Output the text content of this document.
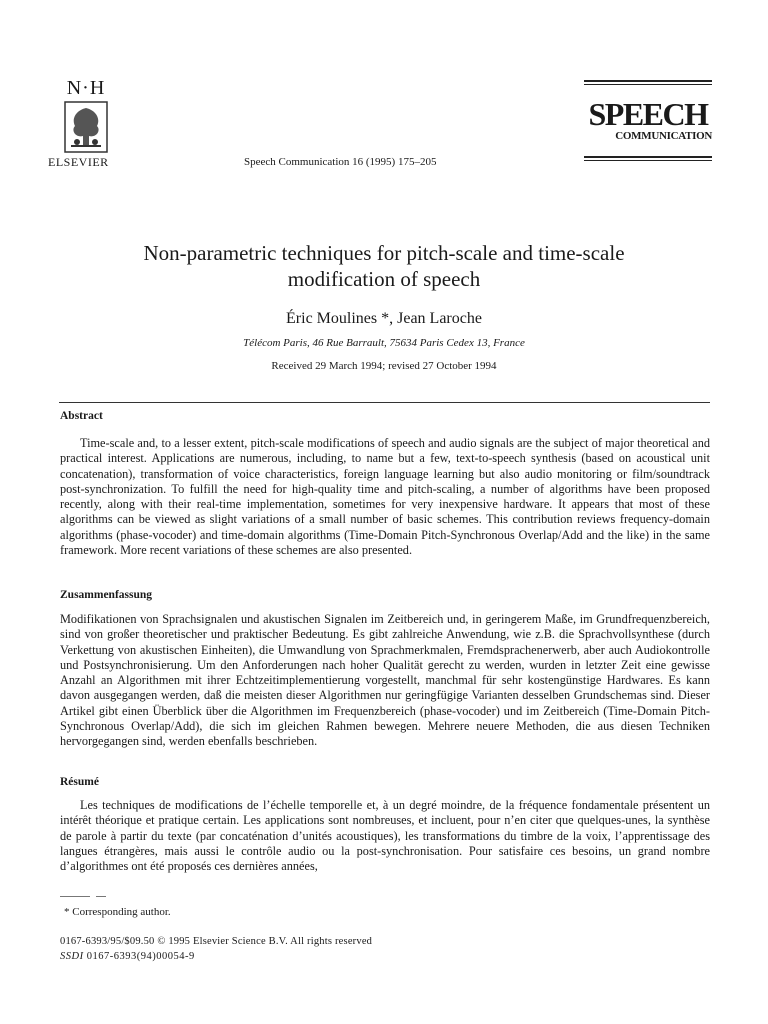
N·H
ELSEVIER	Speech Communication 16 (1995) 175–205
SPEECH
COMMUNICATION
Non-parametric techniques for pitch-scale and time-scale
modification of speech
Éric Moulines *, Jean Laroche
Télécom Paris, 46 Rue Barrault, 75634 Paris Cedex 13, France
Received 29 March 1994; revised 27 October 1994
Abstract
Time-scale and, to a lesser extent, pitch-scale modifications of speech and audio signals are the subject of major theoretical and practical interest. Applications are numerous, including, to name but a few, text-to-speech synthesis (based on acoustical unit concatenation), transformation of voice characteristics, foreign language learning but also audio monitoring or film/soundtrack post-synchronization. To fulfill the need for high-quality time and pitch-scaling, a number of algorithms have been proposed recently, along with their real-time implementation, sometimes for very inexpensive hardware. It appears that most of these algorithms can be viewed as slight variations of a small number of basic schemes. This contribution reviews frequency-domain algorithms (phase-vocoder) and time-domain algorithms (Time-Domain Pitch-Synchronous Overlap/Add and the like) in the same framework. More recent variations of these schemes are also presented.
Zusammenfassung
Modifikationen von Sprachsignalen und akustischen Signalen im Zeitbereich und, in geringerem Maße, im Grundfrequenzbereich, sind von großer theoretischer und praktischer Bedeutung. Es gibt zahlreiche Anwendung, wie z.B. die Sprachvollsynthese (durch Verkettung von akustischen Einheiten), die Umwandlung von Sprachmerkmalen, Fremdsprachenerwerb, aber auch Audiokontrolle und Postsynchronisierung. Um den Anforderungen nach hoher Qualität gerecht zu werden, wurden in letzter Zeit eine gewisse Anzahl an Algorithmen mit ihrer Echtzeitimplementierung vorgestellt, manchmal für sehr kostengünstige Hardwares. Es kann davon ausgegangen werden, daß die meisten dieser Algorithmen nur geringfügige Varianten desselben Grundschemas sind. Dieser Artikel gibt einen Überblick über die Algorithmen im Frequenzbereich (phase-vocoder) und im Zeitbereich (Time-Domain Pitch-Synchronous Overlap/Add), die sich im gleichen Rahmen bewegen. Mehrere neuere Methoden, die aus diesen Techniken hervorgegangen sind, werden ebenfalls beschrieben.
Résumé
Les techniques de modifications de l’échelle temporelle et, à un degré moindre, de la fréquence fondamentale présentent un intérêt théorique et pratique certain. Les applications sont nombreuses, et incluent, pour n’en citer que quelques-unes, la synthèse de parole à partir du texte (par concaténation d’unités acoustiques), les transformations du timbre de la voix, l’apprentissage des langues étrangères, mais aussi le contrôle audio ou la post-synchronisation. Pour satisfaire ces besoins, un grand nombre d’algorithmes ont été proposés ces dernières années,
* Corresponding author.
0167-6393/95/$09.50 © 1995 Elsevier Science B.V. All rights reserved
SSDI 0167-6393(94)00054-9
